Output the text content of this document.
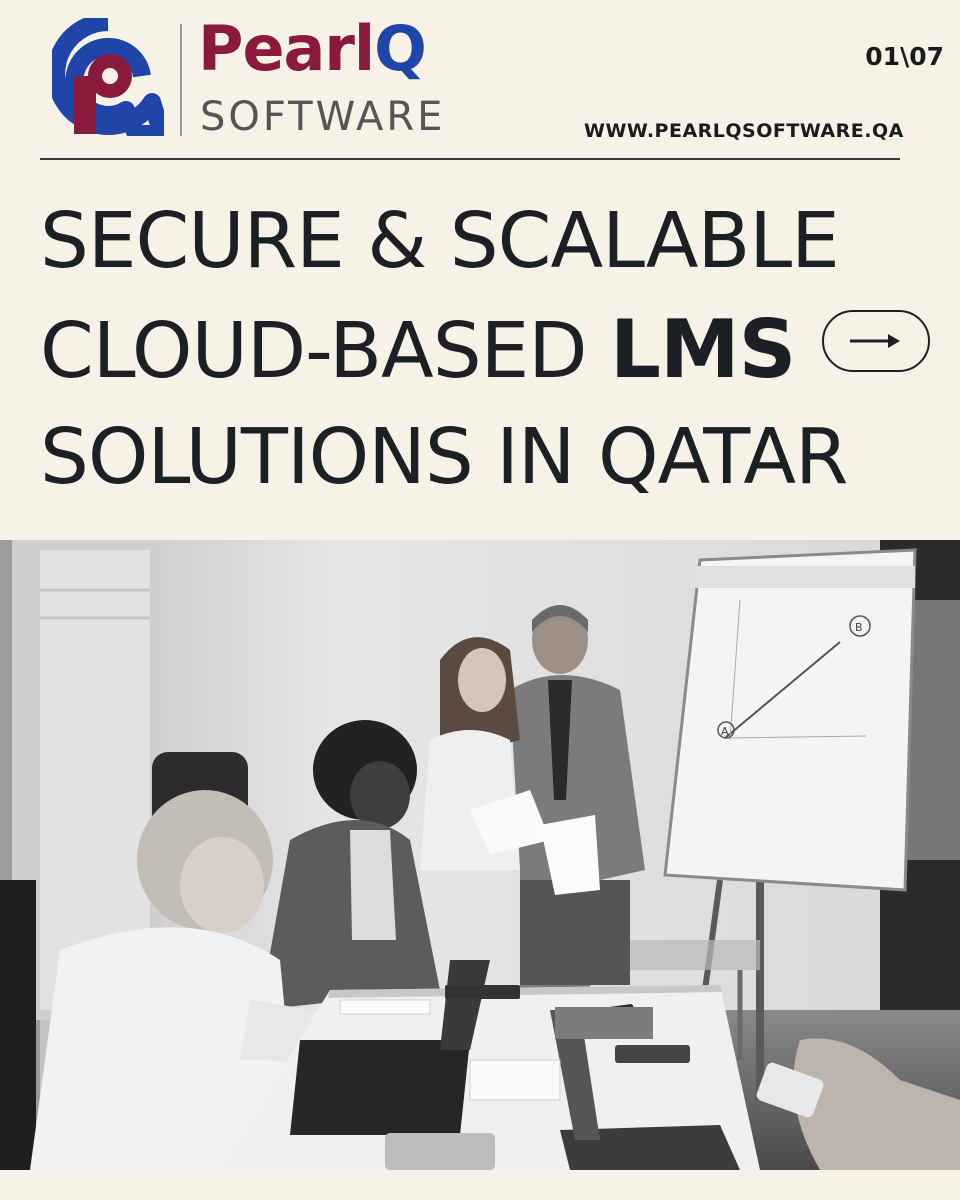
PearlQ
SOFTWARE
01\07
WWW.PEARLQSOFTWARE.QA
SECURE & SCALABLE
CLOUD-BASED LMS
SOLUTIONS IN QATAR
A
B
